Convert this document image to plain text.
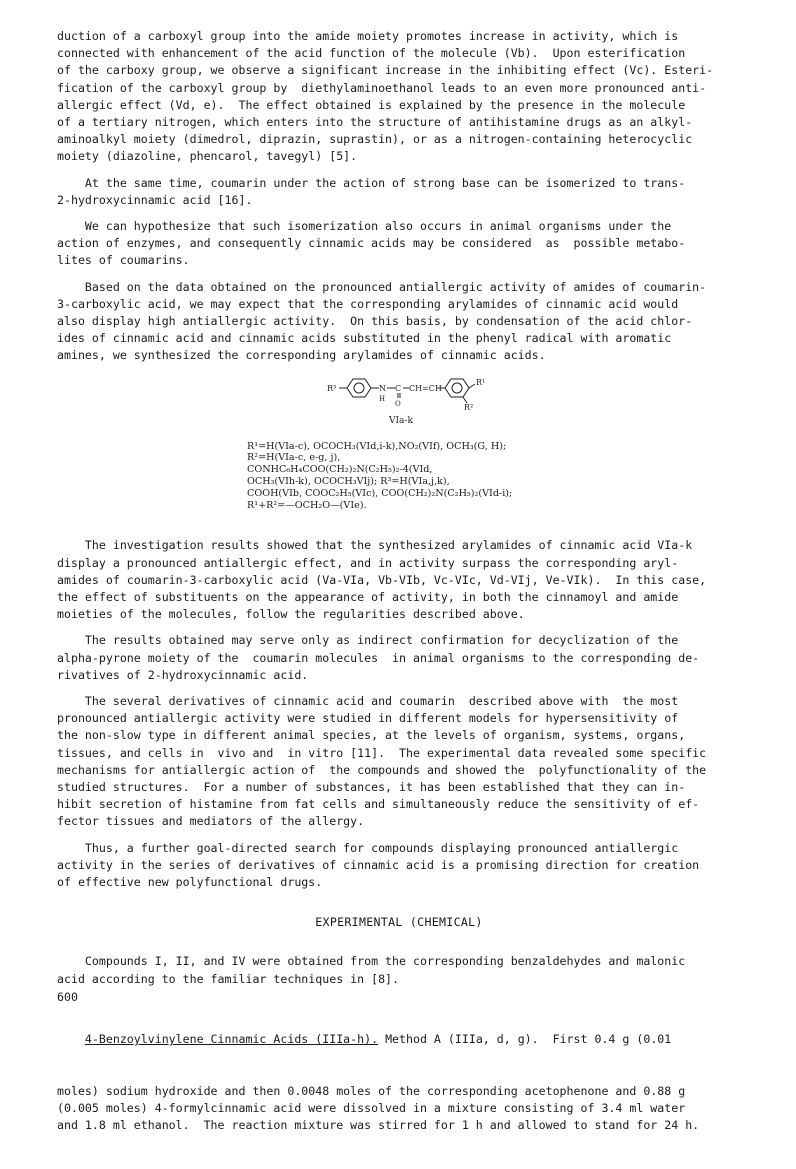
duction of a carboxyl group into the amide moiety promotes increase in activity, which is
connected with enhancement of the acid function of the molecule (Vb).  Upon esterification
of the carboxy group, we observe a significant increase in the inhibiting effect (Vc). Esteri-
fication of the carboxyl group by  diethylaminoethanol leads to an even more pronounced anti-
allergic effect (Vd, e).  The effect obtained is explained by the presence in the molecule
of a tertiary nitrogen, which enters into the structure of antihistamine drugs as an alkyl-
aminoalkyl moiety (dimedrol, diprazin, suprastin), or as a nitrogen-containing heterocyclic
moiety (diazoline, phencarol, tavegyl) [5].
At the same time, coumarin under the action of strong base can be isomerized to trans-
2-hydroxycinnamic acid [16].
We can hypothesize that such isomerization also occurs in animal organisms under the
action of enzymes, and consequently cinnamic acids may be considered  as  possible metabo-
lites of coumarins.
Based on the data obtained on the pronounced antiallergic activity of amides of coumarin-
3-carboxylic acid, we may expect that the corresponding arylamides of cinnamic acid would
also display high antiallergic activity.  On this basis, by condensation of the acid chlor-
ides of cinnamic acid and cinnamic acids substituted in the phenyl radical with aromatic
amines, we synthesized the corresponding arylamides of cinnamic acids.
R³	N
H
C
O
CH=CH
R¹
R²
VIa-k
R¹=H(VIa-c), OCOCH₃(VId,i-k),NO₂(VIf), OCH₃(G, H);
R²=H(VIa-c, e-g, j),
CONHC₆H₄COO(CH₂)₂N(C₂H₅)₂-4(VId,
OCH₃(VIh-k), OCOCH₃VIj); R³=H(VIa,j,k),
COOH(VIb, COOC₂H₅(VIc), COO(CH₂)₂N(C₂H₅)₂(VId-i);
R¹+R²=—OCH₂O—(VIe).
The investigation results showed that the synthesized arylamides of cinnamic acid VIa-k
display a pronounced antiallergic effect, and in activity surpass the corresponding aryl-
amides of coumarin-3-carboxylic acid (Va-VIa, Vb-VIb, Vc-VIc, Vd-VIj, Ve-VIk).  In this case,
the effect of substituents on the appearance of activity, in both the cinnamoyl and amide
moieties of the molecules, follow the regularities described above.
The results obtained may serve only as indirect confirmation for decyclization of the
alpha-pyrone moiety of the  coumarin molecules  in animal organisms to the corresponding de-
rivatives of 2-hydroxycinnamic acid.
The several derivatives of cinnamic acid and coumarin  described above with  the most
pronounced antiallergic activity were studied in different models for hypersensitivity of
the non-slow type in different animal species, at the levels of organism, systems, organs,
tissues, and cells in  vivo and  in vitro [11].  The experimental data revealed some specific
mechanisms for antiallergic action of  the compounds and showed the  polyfunctionality of the
studied structures.  For a number of substances, it has been established that they can in-
hibit secretion of histamine from fat cells and simultaneously reduce the sensitivity of ef-
fector tissues and mediators of the allergy.
Thus, a further goal-directed search for compounds displaying pronounced antiallergic
activity in the series of derivatives of cinnamic acid is a promising direction for creation
of effective new polyfunctional drugs.
EXPERIMENTAL (CHEMICAL)
Compounds I, II, and IV were obtained from the corresponding benzaldehydes and malonic
acid according to the familiar techniques in [8].

4-Benzoylvinylene Cinnamic Acids (IIIa-h). Method A (IIIa, d, g).  First 0.4 g (0.01

moles) sodium hydroxide and then 0.0048 moles of the corresponding acetophenone and 0.88 g
(0.005 moles) 4-formylcinnamic acid were dissolved in a mixture consisting of 3.4 ml water
and 1.8 ml ethanol.  The reaction mixture was stirred for 1 h and allowed to stand for 24 h.

600
